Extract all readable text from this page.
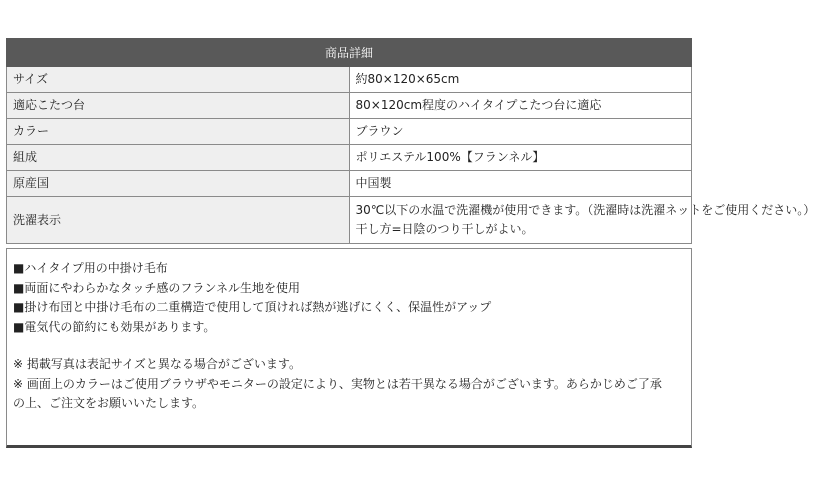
商品詳細	
サイズ	約80×120×65cm
適応こたつ台	80×120cm程度のハイタイプこたつ台に適応
カラー	ブラウン
組成	ポリエステル100%【フランネル】
原産国	中国製
洗濯表示	30℃以下の水温で洗濯機が使用できます。（洗濯時は洗濯ネットをご使用ください。）
干し方=日陰のつり干しがよい。
■ハイタイプ用の中掛け毛布
■両面にやわらかなタッチ感のフランネル生地を使用
■掛け布団と中掛け毛布の二重構造で使用して頂ければ熱が逃げにくく、保温性がアップ
■電気代の節約にも効果があります。
※ 掲載写真は表記サイズと異なる場合がございます。
※ 画面上のカラーはご使用ブラウザやモニターの設定により、実物とは若干異なる場合がございます。あらかじめご了承
の上、ご注文をお願いいたします。
